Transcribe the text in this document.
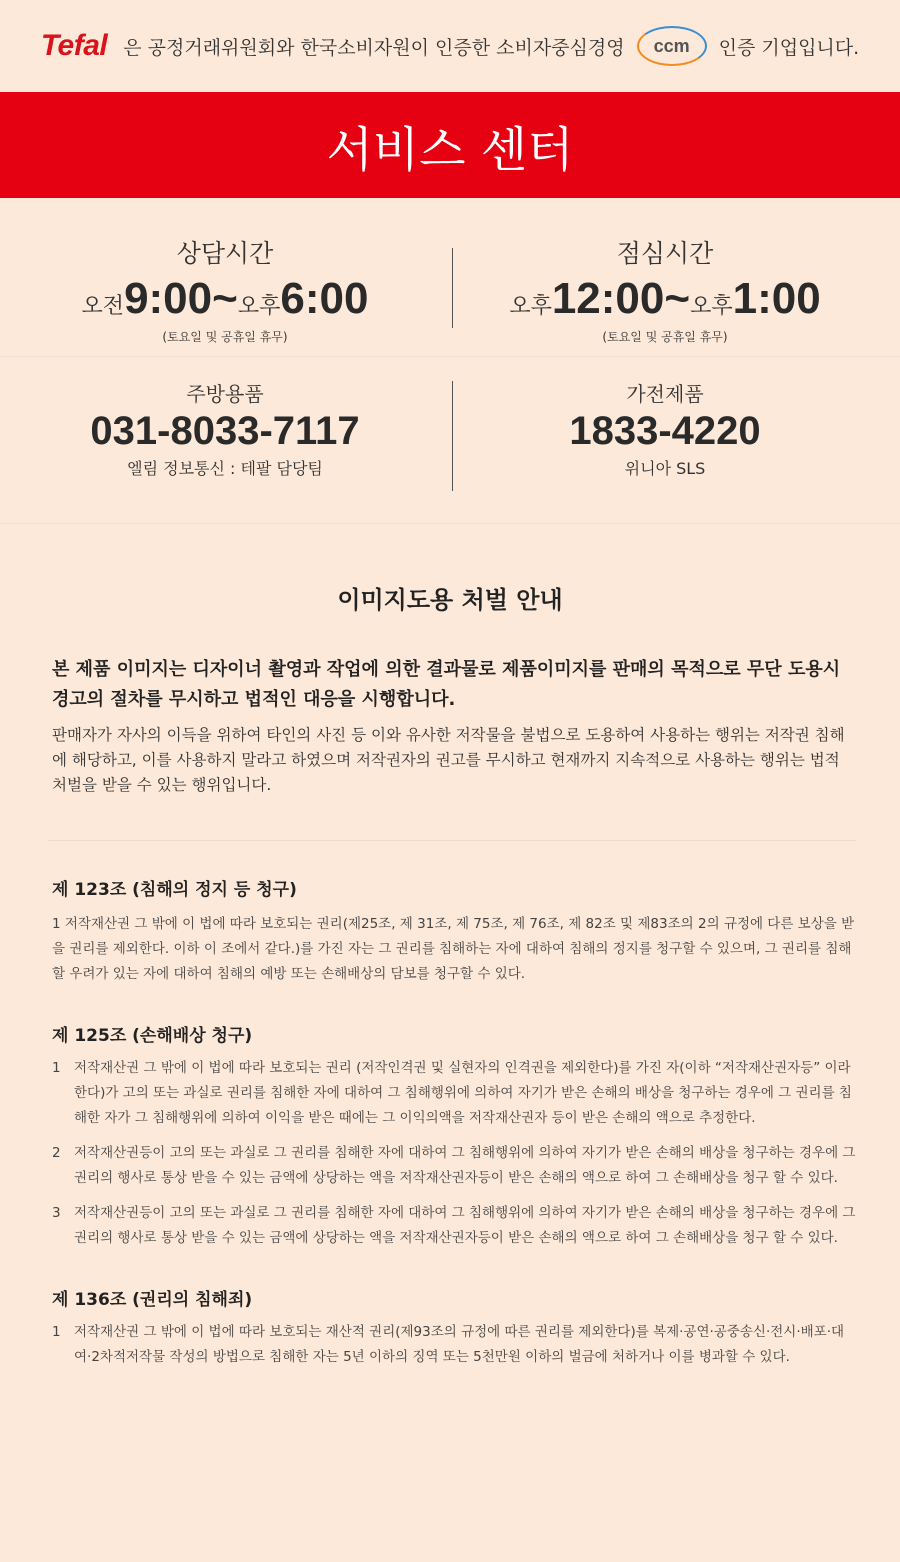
Tefal 은 공정거래위원회와 한국소비자원이 인증한 소비자중심경영	ccm	인증 기업입니다.
서비스 센터
상담시간
오전9:00~오후6:00
(토요일 및 공휴일 휴무)
점심시간
오후12:00~오후1:00
(토요일 및 공휴일 휴무)
주방용품
031-8033-7117
엘림 정보통신 : 테팔 담당팀
가전제품
1833-4220
위니아 SLS
이미지도용 처벌 안내
본 제품 이미지는 디자이너 촬영과 작업에 의한 결과물로 제품이미지를 판매의 목적으로 무단 도용시 경고의 절차를 무시하고 법적인 대응을 시행합니다.
판매자가 자사의 이득을 위하여 타인의 사진 등 이와 유사한 저작물을 불법으로 도용하여 사용하는 행위는 저작권 침해에 해당하고, 이를 사용하지 말라고 하였으며 저작권자의 권고를 무시하고 현재까지 지속적으로 사용하는 행위는 법적 처벌을 받을 수 있는 행위입니다.
제 123조 (침해의 정지 등 청구)
1 저작재산권 그 밖에 이 법에 따라 보호되는 권리(제25조, 제 31조, 제 75조, 제 76조, 제 82조 및 제83조의 2의 규정에 다른 보상을 받을 권리를 제외한다. 이하 이 조에서 같다.)를 가진 자는 그 권리를 침해하는 자에 대하여 침해의 정지를 청구할 수 있으며, 그 권리를 침해할 우려가 있는 자에 대하여 침해의 예방 또는 손해배상의 담보를 청구할 수 있다.
제 125조 (손해배상 청구)
1 저작재산권 그 밖에 이 법에 따라 보호되는 권리 (저작인격권 및 실현자의 인격권을 제외한다)를 가진 자(이하 “저작재산권자등” 이라 한다)가 고의 또는 과실로 권리를 침해한 자에 대하여 그 침해행위에 의하여 자기가 받은 손해의 배상을 청구하는 경우에 그 권리를 침해한 자가 그 침해행위에 의하여 이익을 받은 때에는 그 이익의액을 저작재산권자 등이 받은 손해의 액으로 추정한다.
2 저작재산권등이 고의 또는 과실로 그 권리를 침해한 자에 대하여 그 침해행위에 의하여 자기가 받은 손해의 배상을 청구하는 경우에 그 권리의 행사로 통상 받을 수 있는 금액에 상당하는 액을 저작재산권자등이 받은 손해의 액으로 하여 그 손해배상을 청구 할 수 있다.
3 저작재산권등이 고의 또는 과실로 그 권리를 침해한 자에 대하여 그 침해행위에 의하여 자기가 받은 손해의 배상을 청구하는 경우에 그 권리의 행사로 통상 받을 수 있는 금액에 상당하는 액을 저작재산권자등이 받은 손해의 액으로 하여 그 손해배상을 청구 할 수 있다.
제 136조 (권리의 침해죄)
1 저작재산권 그 밖에 이 법에 따라 보호되는 재산적 권리(제93조의 규정에 따른 권리를 제외한다)를 복제·공연·공중송신·전시·배포·대여·2차적저작물 작성의 방법으로 침해한 자는 5년 이하의 징역 또는 5천만원 이하의 벌금에 처하거나 이를 병과할 수 있다.
